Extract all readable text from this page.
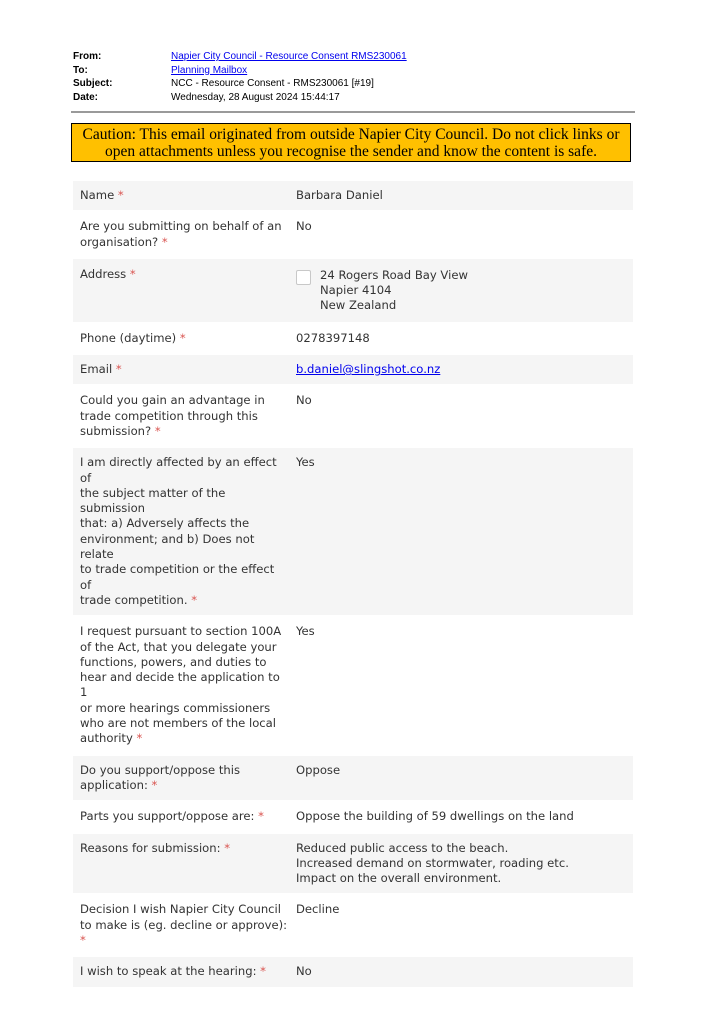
From:	Napier City Council - Resource Consent RMS230061
To:	Planning Mailbox
Subject:	NCC - Resource Consent - RMS230061 [#19]
Date:	Wednesday, 28 August 2024 15:44:17
Caution: This email originated from outside Napier City Council. Do not click links or
open attachments unless you recognise the sender and know the content is safe.
Name *	Barbara Daniel
Are you submitting on behalf of an
organisation? *
No
Address *	24 Rogers Road Bay View
Napier 4104
New Zealand
Phone (daytime) *	0278397148
Email *	b.daniel@slingshot.co.nz
Could you gain an advantage in
trade competition through this
submission? *
No
I am directly affected by an effect of
the subject matter of the submission
that: a) Adversely affects the
environment; and b) Does not relate
to trade competition or the effect of
trade competition. *
Yes
I request pursuant to section 100A
of the Act, that you delegate your
functions, powers, and duties to
hear and decide the application to 1
or more hearings commissioners
who are not members of the local
authority *
Yes
Do you support/oppose this
application: *
Oppose
Parts you support/oppose are: *	Oppose the building of 59 dwellings on the land
Reasons for submission: *	Reduced public access to the beach.
Increased demand on stormwater, roading etc.
Impact on the overall environment.
Decision I wish Napier City Council
to make is (eg. decline or approve): *
Decline
I wish to speak at the hearing: *	No
